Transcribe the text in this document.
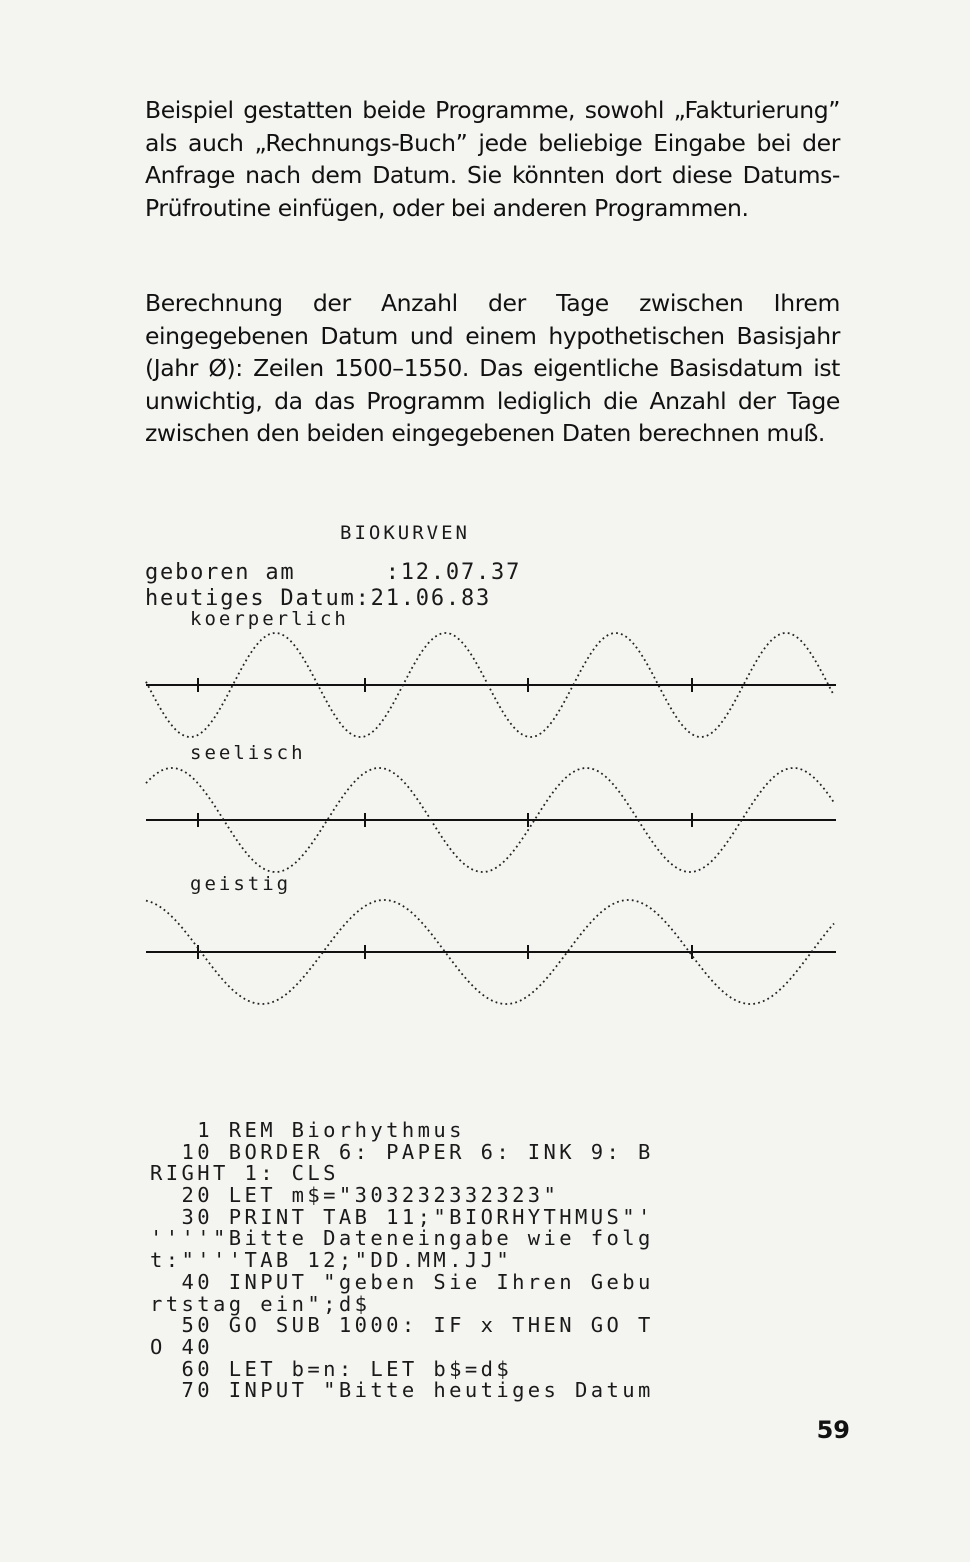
Beispiel gestatten beide Programme, sowohl „Fakturierung” als auch „Rechnungs-Buch” jede beliebige Eingabe bei der Anfrage nach dem Datum. Sie könnten dort diese Datums-Prüfroutine einfügen, oder bei anderen Programmen.

Berechnung der Anzahl der Tage zwischen Ihrem eingegebenen Datum und einem hypothetischen Basisjahr (Jahr Ø): Zeilen 1500–1550. Das eigentliche Basisdatum ist unwichtig, da das Programm lediglich die Anzahl der Tage zwischen den beiden eingegebenen Daten berechnen muß.

BIOKURVEN
geboren am      :12.07.37
heutiges Datum:21.06.83
koerperlich
seelisch
geistig
1 REM Biorhythmus
10 BORDER 6: PAPER 6: INK 9: B
RIGHT 1: CLS
20 LET m$="303232332323"
30 PRINT TAB 11;"BIORHYTHMUS"'
''''"Bitte Dateneingabe wie folg
t:"'''TAB 12;"DD.MM.JJ"
40 INPUT "geben Sie Ihren Gebu
rtstag ein";d$
50 GO SUB 1000: IF x THEN GO T
O 40
60 LET b=n: LET b$=d$
70 INPUT "Bitte heutiges Datum
59
